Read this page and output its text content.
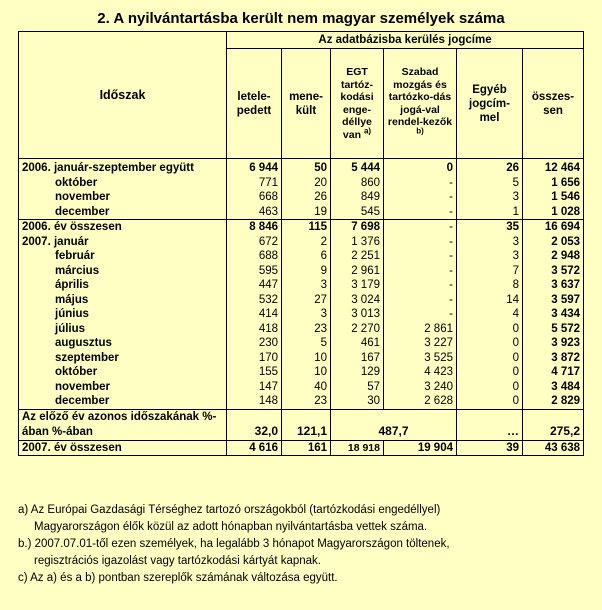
2. A nyilvántartásba került nem magyar személyek száma
Időszak	Az adatbázisba kerülés jogcíme					
	letele-pedett	mene-kült	EGT tartóz-kodási enge-déllye van $^{a)}$	Szabad mozgás és tartózko-dás jogá-val rendel-kezők $^{b)}$	Egyéb jogcím-mel	összes-sen
2006. január-szeptember együtt	6 944	50	5 444	0	26	12 464
október	771	20	860	-	5	1 656
november	668	26	849	-	3	1 546
december	463	19	545	-	1	1 028
2006. év összesen	8 846	115	7 698	-	35	16 694
2007. január	672	2	1 376	-	3	2 053
február	688	6	2 251	-	3	2 948
március	595	9	2 961	-	7	3 572
április	447	3	3 179	-	8	3 637
május	532	27	3 024	-	14	3 597
június	414	3	3 013	-	4	3 434
július	418	23	2 270	2 861	0	5 572
augusztus	230	5	461	3 227	0	3 923
szeptember	170	10	167	3 525	0	3 872
október	155	10	129	4 423	0	4 717
november	147	40	57	3 240	0	3 484
december	148	23	30	2 628	0	2 829
Az előző év azonos időszakának %-ában %-ában	32,0	121,1	487,7		…	275,2
2007. év összesen	4 616	161	18 918	19 904	39	43 638
a) Az Európai Gazdasági Térséghez tartozó országokból (tartózkodási engedéllyel)
Magyarországon élők közül az adott hónapban nyilvántartásba vettek száma.
b.) 2007.07.01-től ezen személyek, ha legalább 3 hónapot Magyarországon töltenek,
regisztrációs igazolást vagy tartózkodási kártyát kapnak.
c) Az a) és a b) pontban szereplők számának változása együtt.
